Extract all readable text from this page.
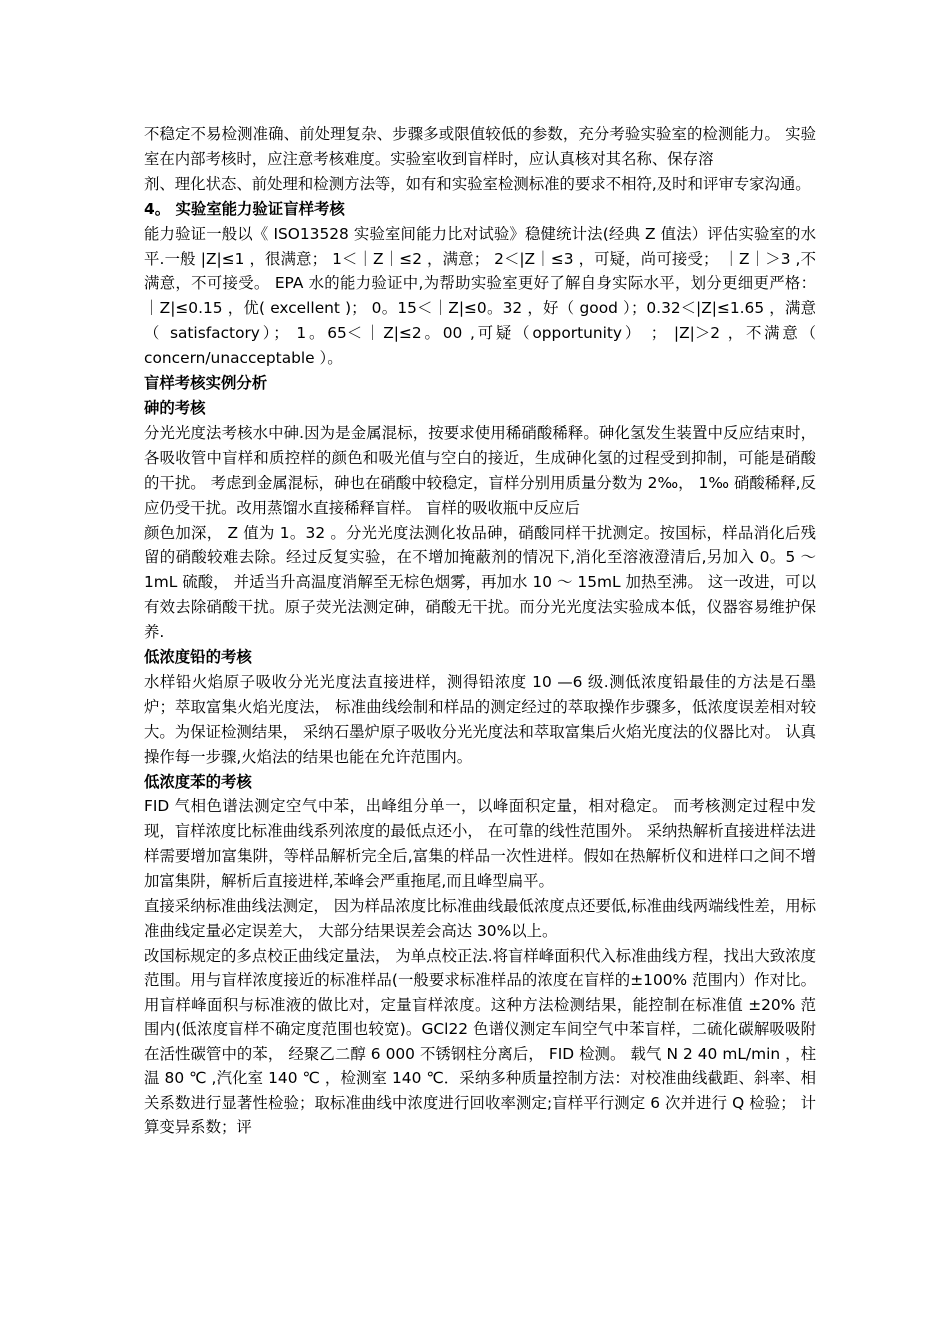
不稳定不易检测准确、前处理复杂、步骤多或限值较低的参数，充分考验实验室的检测能力。 实验室在内部考核时，应注意考核难度。实验室收到盲样时，应认真核对其名称、保存溶

剂、理化状态、前处理和检测方法等，如有和实验室检测标准的要求不相符,及时和评审专家沟通。

4。 实验室能力验证盲样考核

能力验证一般以《 ISO13528 实验室间能力比对试验》稳健统计法(经典 Z 值法）评估实验室的水平.一般 |Z|≤1 ，很满意； 1＜｜Z｜≤2 ，满意； 2＜|Z｜≤3 ，可疑，尚可接受； ｜Z｜＞3 ,不满意，不可接受。 EPA 水的能力验证中,为帮助实验室更好了解自身实际水平，划分更细更严格： ｜Z|≤0.15 ，优( excellent )； 0。15＜｜Z|≤0。32 ，好（ good ）；0.32＜|Z|≤1.65 ，满意（ satisfactory）； 1。65＜｜Z|≤2。00 ,可疑（opportunity） ； |Z|＞2 ，不满意（ concern/unacceptable ）。

盲样考核实例分析
砷的考核

分光光度法考核水中砷.因为是金属混标，按要求使用稀硝酸稀释。砷化氢发生装置中反应结束时，各吸收管中盲样和质控样的颜色和吸光值与空白的接近，生成砷化氢的过程受到抑制，可能是硝酸的干扰。 考虑到金属混标，砷也在硝酸中较稳定，盲样分别用质量分数为 2‰， 1‰ 硝酸稀释,反应仍受干扰。改用蒸馏水直接稀释盲样。 盲样的吸收瓶中反应后

颜色加深， Z 值为 1。32 。分光光度法测化妆品砷，硝酸同样干扰测定。按国标，样品消化后残留的硝酸较难去除。经过反复实验，在不增加掩蔽剂的情况下,消化至溶液澄清后,另加入 0。5 ～ 1mL 硫酸， 并适当升高温度消解至无棕色烟雾，再加水 10 ～ 15mL 加热至沸。 这一改进，可以有效去除硝酸干扰。原子荧光法测定砷，硝酸无干扰。而分光光度法实验成本低，仪器容易维护保养.

低浓度铅的考核

水样铅火焰原子吸收分光光度法直接进样，测得铅浓度 10 —6 级.测低浓度铅最佳的方法是石墨炉；萃取富集火焰光度法， 标准曲线绘制和样品的测定经过的萃取操作步骤多，低浓度误差相对较大。为保证检测结果， 采纳石墨炉原子吸收分光光度法和萃取富集后火焰光度法的仪器比对。 认真操作每一步骤,火焰法的结果也能在允许范围内。

低浓度苯的考核

FID 气相色谱法测定空气中苯，出峰组分单一，以峰面积定量，相对稳定。 而考核测定过程中发现，盲样浓度比标准曲线系列浓度的最低点还小， 在可靠的线性范围外。 采纳热解析直接进样法进样需要增加富集阱，等样品解析完全后,富集的样品一次性进样。假如在热解析仪和进样口之间不增加富集阱，解析后直接进样,苯峰会严重拖尾,而且峰型扁平。

直接采纳标准曲线法测定， 因为样品浓度比标准曲线最低浓度点还要低,标准曲线两端线性差，用标准曲线定量必定误差大， 大部分结果误差会高达 30%以上。

改国标规定的多点校正曲线定量法， 为单点校正法.将盲样峰面积代入标准曲线方程，找出大致浓度范围。用与盲样浓度接近的标准样品(一般要求标准样品的浓度在盲样的±100% 范围内）作对比。 用盲样峰面积与标准液的做比对，定量盲样浓度。这种方法检测结果，能控制在标准值 ±20% 范围内(低浓度盲样不确定度范围也较宽)。GCl22 色谱仪测定车间空气中苯盲样，二硫化碳解吸吸附在活性碳管中的苯， 经聚乙二醇 6 000 不锈钢柱分离后， FID 检测。 载气 N 2 40 mL/min ，柱温 80 ℃ ,汽化室 140 ℃ ，检测室 140 ℃．采纳多种质量控制方法：对校准曲线截距、斜率、相关系数进行显著性检验；取标准曲线中浓度进行回收率测定;盲样平行测定 6 次并进行 Q 检验； 计算变异系数；评
